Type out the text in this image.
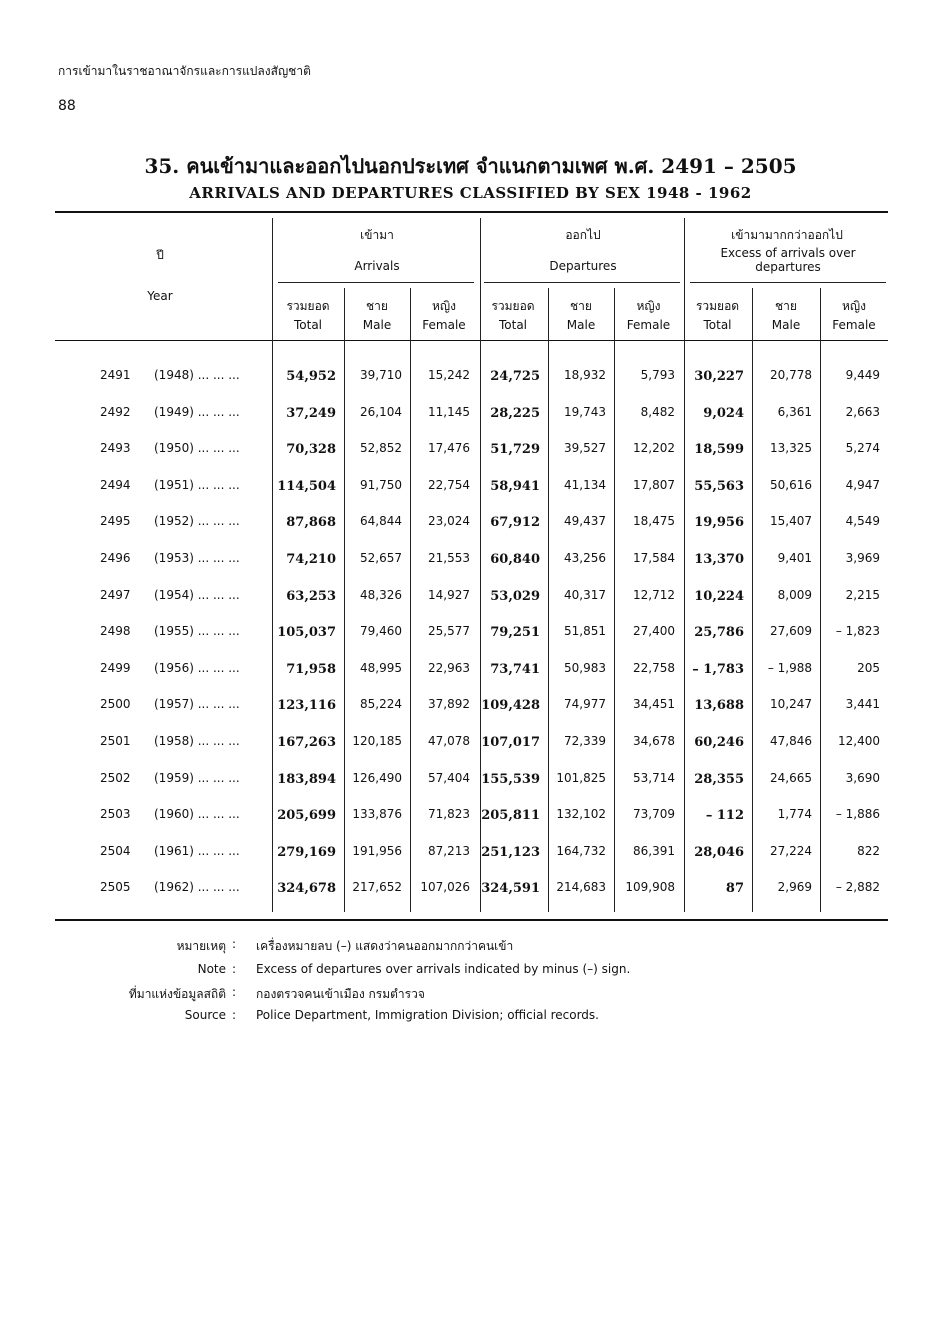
การเข้ามาในราชอาณาจักรและการแปลงสัญชาติ
88
35. คนเข้ามาและออกไปนอกประเทศ จำแนกตามเพศ พ.ศ. 2491 – 2505
ARRIVALS AND DEPARTURES CLASSIFIED BY SEX 1948 - 1962
ปี
Year
เข้ามา
Arrivals
ออกไป
Departures
เข้ามามากกว่าออกไป
Excess of arrivals over departures
รวมยอด
Total
ชาย
Male
หญิง
Female
รวมยอด
Total
ชาย
Male
หญิง
Female
รวมยอด
Total
ชาย
Male
หญิง
Female
2491 (1948) ... ... ...	54,952	39,710	15,242	24,725	18,932	5,793	30,227	20,778	9,449
2492 (1949) ... ... ...	37,249	26,104	11,145	28,225	19,743	8,482	9,024	6,361	2,663
2493 (1950) ... ... ...	70,328	52,852	17,476	51,729	39,527	12,202	18,599	13,325	5,274
2494 (1951) ... ... ...	114,504	91,750	22,754	58,941	41,134	17,807	55,563	50,616	4,947
2495 (1952) ... ... ...	87,868	64,844	23,024	67,912	49,437	18,475	19,956	15,407	4,549
2496 (1953) ... ... ...	74,210	52,657	21,553	60,840	43,256	17,584	13,370	9,401	3,969
2497 (1954) ... ... ...	63,253	48,326	14,927	53,029	40,317	12,712	10,224	8,009	2,215
2498 (1955) ... ... ...	105,037	79,460	25,577	79,251	51,851	27,400	25,786	27,609	– 1,823
2499 (1956) ... ... ...	71,958	48,995	22,963	73,741	50,983	22,758	– 1,783	– 1,988	205
2500 (1957) ... ... ...	123,116	85,224	37,892 109,428	74,977	34,451	13,688	10,247	3,441
2501 (1958) ... ... ...	167,263	120,185	47,078 107,017	72,339	34,678	60,246	47,846	12,400
2502 (1959) ... ... ...	183,894	126,490	57,404 155,539	101,825	53,714	28,355	24,665	3,690
2503 (1960) ... ... ...	205,699	133,876	71,823 205,811	132,102	73,709	– 112	1,774	– 1,886
2504 (1961) ... ... ...	279,169	191,956	87,213 251,123	164,732	86,391	28,046	27,224	822
2505 (1962) ... ... ...	324,678	217,652	107,026 324,591	214,683	109,908	87	2,969	– 2,882
หมายเหตุ : เครื่องหมายลบ (–) แสดงว่าคนออกมากกว่าคนเข้า
Note : Excess of departures over arrivals indicated by minus (–) sign.
ที่มาแห่งข้อมูลสถิติ : กองตรวจคนเข้าเมือง กรมตำรวจ
Source : Police Department, Immigration Division; official records.
